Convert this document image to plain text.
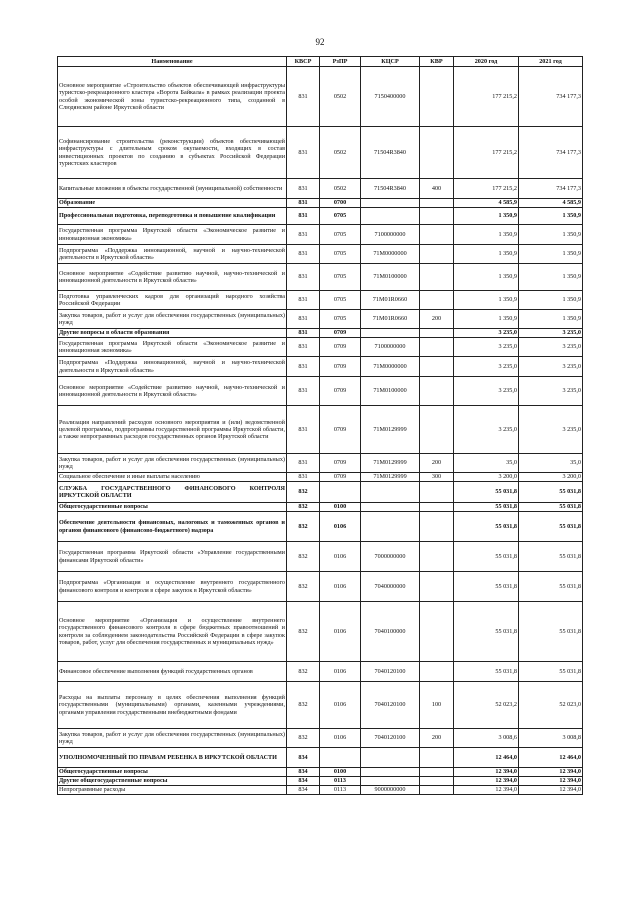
92
Наименование	КВСР	РзПР	КЦСР	КВР	2020 год	2021 год
Основное мероприятие «Строительство объектов обеспечивающей инфраструктуры туристско-рекреационного кластера «Ворота Байкала» в рамках реализации проекта особой экономической зоны туристско-рекреационного типа, созданной в Слюдянском районе Иркутской области	831	0502	7150400000		177 215,2	734 177,3
Софинансирование строительства (реконструкции) объектов обеспечивающей инфраструктуры с длительным сроком окупаемости, входящих в состав инвестиционных проектов по созданию в субъектах Российской Федерации туристских кластеров	831	0502	71504R3840		177 215,2	734 177,3
Капитальные вложения в объекты государственной (муниципальной) собственности	831	0502	71504R3840	400	177 215,2	734 177,3
Образование	831	0700			4 585,9	4 585,9
Профессиональная подготовка, переподготовка и повышение квалификации	831	0705			1 350,9	1 350,9
Государственная программа Иркутской области «Экономическое развитие и инновационная экономика»	831	0705	7100000000		1 350,9	1 350,9
Подпрограмма «Поддержка инновационной, научной и научно-технической деятельности в Иркутской области»	831	0705	71М0000000		1 350,9	1 350,9
Основное мероприятие «Содействие развитию научной, научно-технической и инновационной деятельности в Иркутской области»	831	0705	71М0100000		1 350,9	1 350,9
Подготовка управленческих кадров для организаций народного хозяйства Российской Федерации	831	0705	71М01R0660		1 350,9	1 350,9
Закупка товаров, работ и услуг для обеспечения государственных (муниципальных) нужд	831	0705	71М01R0660	200	1 350,9	1 350,9
Другие вопросы в области образования	831	0709			3 235,0	3 235,0
Государственная программа Иркутской области «Экономическое развитие и инновационная экономика»	831	0709	7100000000		3 235,0	3 235,0
Подпрограмма «Поддержка инновационной, научной и научно-технической деятельности в Иркутской области»	831	0709	71М0000000		3 235,0	3 235,0
Основное мероприятие «Содействие развитию научной, научно-технической и инновационной деятельности в Иркутской области»	831	0709	71М0100000		3 235,0	3 235,0
Реализация направлений расходов основного мероприятия и (или) ведомственной целевой программы, подпрограммы государственной программы Иркутской области, а также непрограммных расходов государственных органов Иркутской области	831	0709	71М0129999		3 235,0	3 235,0
Закупка товаров, работ и услуг для обеспечения государственных (муниципальных) нужд	831	0709	71М0129999	200	35,0	35,0
Социальное обеспечение и иные выплаты населению	831	0709	71М0129999	300	3 200,0	3 200,0
СЛУЖБА ГОСУДАРСТВЕННОГО ФИНАНСОВОГО КОНТРОЛЯ ИРКУТСКОЙ ОБЛАСТИ	832				55 031,8	55 031,8
Общегосударственные вопросы	832	0100			55 031,8	55 031,8
Обеспечение деятельности финансовых, налоговых и таможенных органов и органов финансового (финансово-бюджетного) надзора	832	0106			55 031,8	55 031,8
Государственная программа Иркутской области «Управление государственными финансами Иркутской области»	832	0106	7000000000		55 031,8	55 031,8
Подпрограмма «Организация и осуществление внутреннего государственного финансового контроля и контроля в сфере закупок в Иркутской области»	832	0106	7040000000		55 031,8	55 031,8
Основное мероприятие «Организация и осуществление внутреннего государственного финансового контроля в сфере бюджетных правоотношений и контроля за соблюдением законодательства Российской Федерации в сфере закупок товаров, работ, услуг для обеспечения государственных и муниципальных нужд»	832	0106	7040100000		55 031,8	55 031,8
Финансовое обеспечение выполнения функций государственных органов	832	0106	7040120100		55 031,8	55 031,8
Расходы на выплаты персоналу в целях обеспечения выполнения функций государственными (муниципальными) органами, казенными учреждениями, органами управления государственными внебюджетными фондами	832	0106	7040120100	100	52 023,2	52 023,0
Закупка товаров, работ и услуг для обеспечения государственных (муниципальных) нужд	832	0106	7040120100	200	3 008,6	3 008,8
УПОЛНОМОЧЕННЫЙ ПО ПРАВАМ РЕБЕНКА В ИРКУТСКОЙ ОБЛАСТИ	834				12 464,0	12 464,0
Общегосударственные вопросы	834	0100			12 394,0	12 394,0
Другие общегосударственные вопросы	834	0113			12 394,0	12 394,0
Непрограммные расходы	834	0113	9000000000		12 394,0	12 394,0
